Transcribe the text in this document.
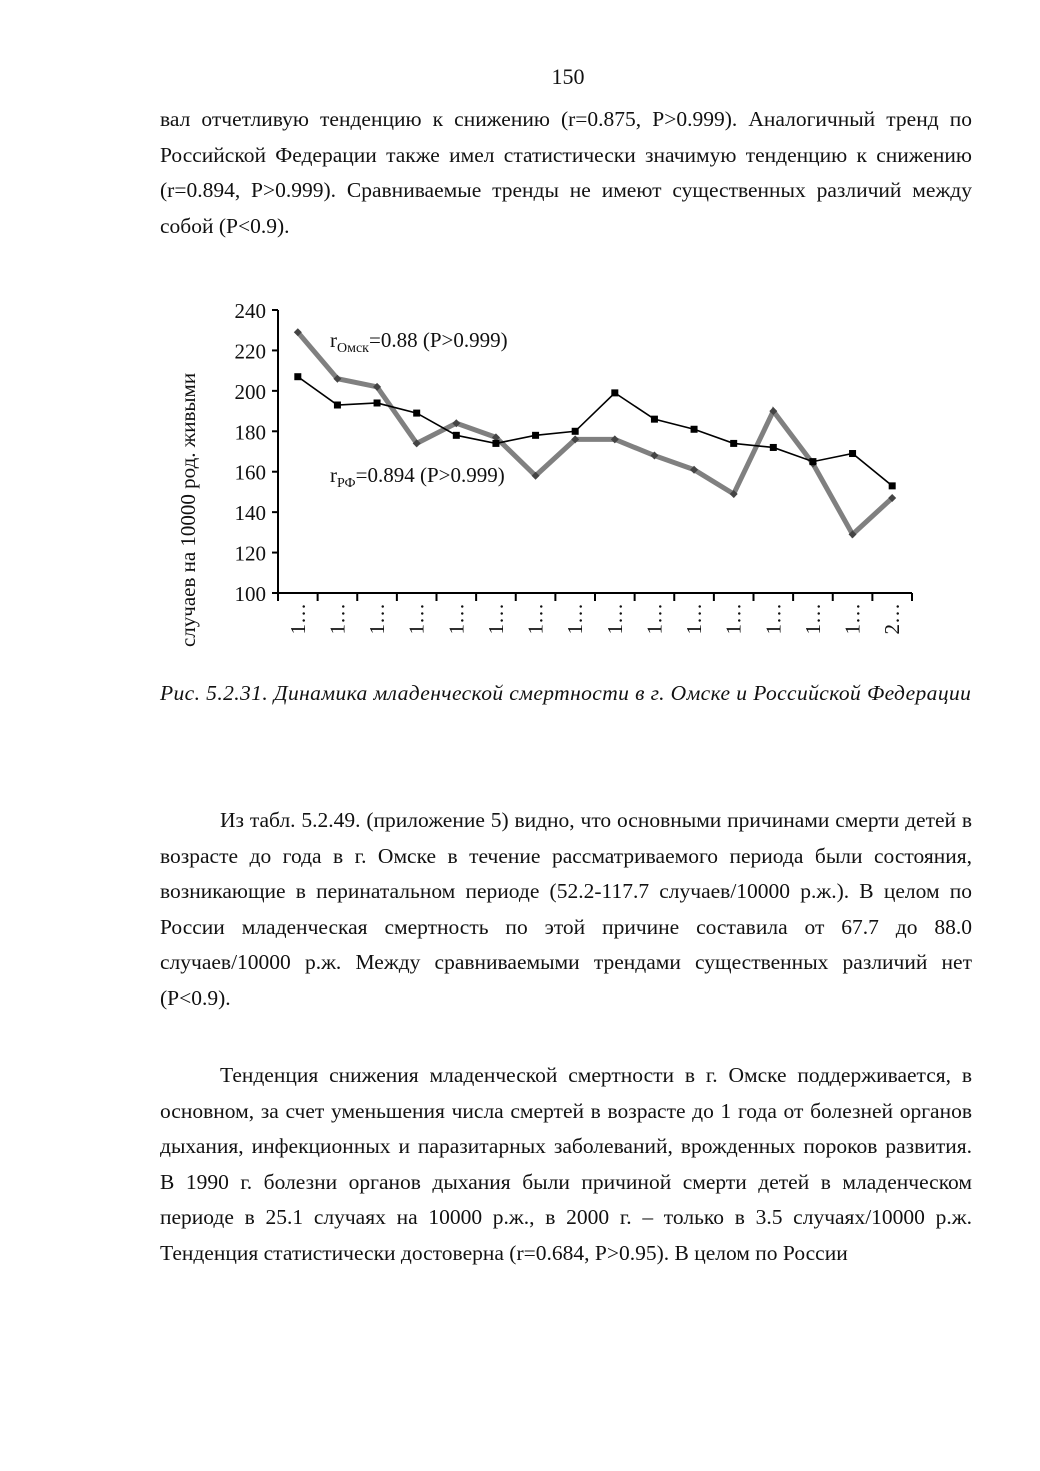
150

вал отчетливую тенденцию к снижению (r=0.875, P>0.999). Аналогичный тренд по Российской Федерации также имел статистически значимую тенденцию к снижению (r=0.894, P>0.999). Сравниваемые тренды не имеют существенных различий между собой (P<0.9).

100
120
140
160
180
200
220
240
1… 1… 1… 1… 1… 1… 1… 1… 1… 1… 1… 1… 1… 1… 1… 2…
$r_{Омск}=0.88$ (P>0.999)
$r_{РФ}=0.894$ (P>0.999)
случаев на 10000 род. живыми

Рис. 5.2.31. Динамика младенческой смертности в г. Омске и Российской Федерации

Из табл. 5.2.49. (приложение 5) видно, что основными причинами смерти детей в возрасте до года в г. Омске в течение рассматриваемого периода были состояния, возникающие в перинатальном периоде (52.2-117.7 случаев/10000 р.ж.). В целом по России младенческая смертность по этой причине составила от 67.7 до 88.0 случаев/10000 р.ж. Между сравниваемыми трендами существенных различий нет (P<0.9).

Тенденция снижения младенческой смертности в г. Омске поддерживается, в основном, за счет уменьшения числа смертей в возрасте до 1 года от болезней органов дыхания, инфекционных и паразитарных заболеваний, врожденных пороков развития. В 1990 г. болезни органов дыхания были причиной смерти детей в младенческом периоде в 25.1 случаях на 10000 р.ж., в 2000 г. – только в 3.5 случаях/10000 р.ж. Тенденция статистически достоверна (r=0.684, P>0.95). В целом по России
